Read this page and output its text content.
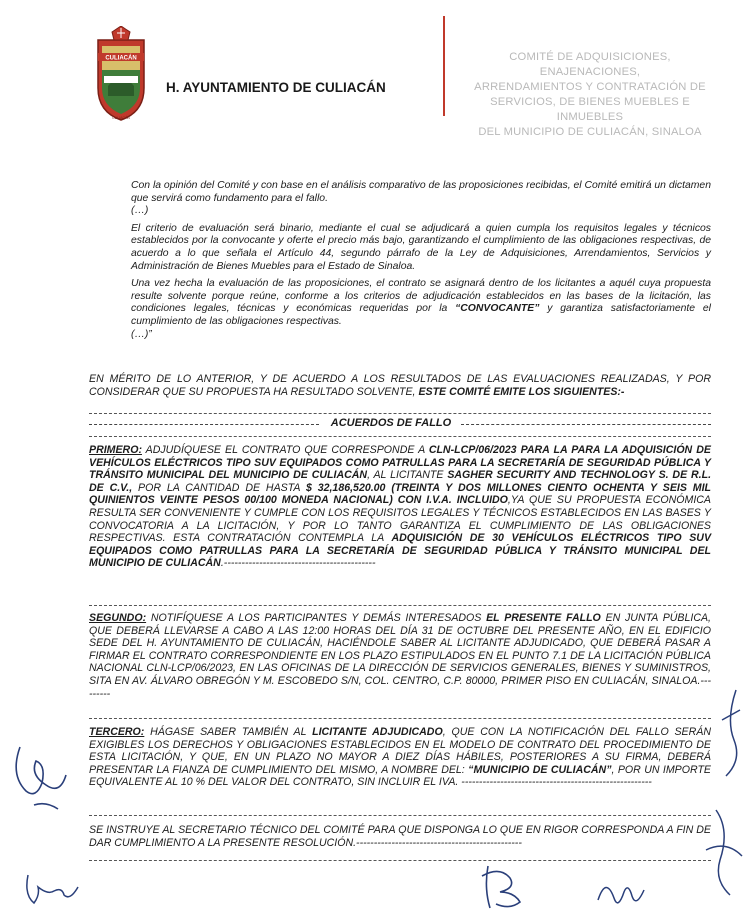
CULIACÁN
CULIACÁN
H. AYUNTAMIENTO DE CULIACÁN
COMITÉ DE ADQUISICIONES, ENAJENACIONES,
ARRENDAMIENTOS Y CONTRATACIÓN DE
SERVICIOS, DE BIENES MUEBLES E INMUEBLES
DEL MUNICIPIO DE CULIACÁN, SINALOA

Con la opinión del Comité y con base en el análisis comparativo de las proposiciones recibidas, el Comité emitirá un dictamen que servirá como fundamento para el fallo.
(…)

El criterio de evaluación será binario, mediante el cual se adjudicará a quien cumpla los requisitos legales y técnicos establecidos por la convocante y oferte el precio más bajo, garantizando el cumplimiento de las obligaciones respectivas, de acuerdo a lo que señala el Artículo 44, segundo párrafo de la Ley de Adquisiciones, Arrendamientos, Servicios y Administración de Bienes Muebles para el Estado de Sinaloa.

Una vez hecha la evaluación de las proposiciones, el contrato se asignará dentro de los licitantes a aquél cuya propuesta resulte solvente porque reúne, conforme a los criterios de adjudicación establecidos en las bases de la licitación, las condiciones legales, técnicas y económicas requeridas por la “CONVOCANTE” y garantiza satisfactoriamente el cumplimiento de las obligaciones respectivas.
(…)”

EN MÉRITO DE LO ANTERIOR, Y DE ACUERDO A LOS RESULTADOS DE LAS EVALUACIONES REALIZADAS, Y POR CONSIDERAR QUE SU PROPUESTA HA RESULTADO SOLVENTE, ESTE COMITÉ EMITE LOS SIGUIENTES:-

ACUERDOS DE FALLO

PRIMERO: ADJUDÍQUESE EL CONTRATO QUE CORRESPONDE A CLN-LCP/06/2023 PARA LA PARA LA ADQUISICIÓN DE VEHÍCULOS ELÉCTRICOS TIPO SUV EQUIPADOS COMO PATRULLAS PARA LA SECRETARÍA DE SEGURIDAD PÚBLICA Y TRÁNSITO MUNICIPAL DEL MUNICIPIO DE CULIACÁN, AL LICITANTE SAGHER SECURITY AND TECHNOLOGY S. DE R.L. DE C.V., POR LA CANTIDAD DE HASTA $ 32,186,520.00 (TREINTA Y DOS MILLONES CIENTO OCHENTA Y SEIS MIL QUINIENTOS VEINTE PESOS 00/100 MONEDA NACIONAL) CON I.V.A. INCLUIDO,YA QUE SU PROPUESTA ECONÓMICA RESULTA SER CONVENIENTE Y CUMPLE CON LOS REQUISITOS LEGALES Y TÉCNICOS ESTABLECIDOS EN LAS BASES Y CONVOCATORIA A LA LICITACIÓN, Y POR LO TANTO GARANTIZA EL CUMPLIMIENTO DE LAS OBLIGACIONES RESPECTIVAS. ESTA CONTRATACIÓN CONTEMPLA LA ADQUISICIÓN DE 30 VEHÍCULOS ELÉCTRICOS TIPO SUV EQUIPADOS COMO PATRULLAS PARA LA SECRETARÍA DE SEGURIDAD PÚBLICA Y TRÁNSITO MUNICIPAL DEL MUNICIPIO DE CULIACÁN.-------------------------------------------

SEGUNDO: NOTIFÍQUESE A LOS PARTICIPANTES Y DEMÁS INTERESADOS EL PRESENTE FALLO EN JUNTA PÚBLICA, QUE DEBERÁ LLEVARSE A CABO A LAS 12:00 HORAS DEL DÍA 31 DE OCTUBRE DEL PRESENTE AÑO, EN EL EDIFICIO SEDE DEL H. AYUNTAMIENTO DE CULIACÁN, HACIÉNDOLE SABER AL LICITANTE ADJUDICADO, QUE DEBERÁ PASAR A FIRMAR EL CONTRATO CORRESPONDIENTE EN LOS PLAZO ESTIPULADOS EN EL PUNTO 7.1 DE LA LICITACIÓN PÚBLICA NACIONAL CLN-LCP/06/2023, EN LAS OFICINAS DE LA DIRECCIÓN DE SERVICIOS GENERALES, BIENES Y SUMINISTROS, SITA EN AV. ÁLVARO OBREGÓN Y M. ESCOBEDO S/N, COL. CENTRO, C.P. 80000, PRIMER PISO EN CULIACÁN, SINALOA.---------

TERCERO: HÁGASE SABER TAMBIÉN AL LICITANTE ADJUDICADO, QUE CON LA NOTIFICACIÓN DEL FALLO SERÁN EXIGIBLES LOS DERECHOS Y OBLIGACIONES ESTABLECIDOS EN EL MODELO DE CONTRATO DEL PROCEDIMIENTO DE ESTA LICITACIÓN, Y QUE, EN UN PLAZO NO MAYOR A DIEZ DÍAS HÁBILES, POSTERIORES A SU FIRMA, DEBERÁ PRESENTAR LA FIANZA DE CUMPLIMIENTO DEL MISMO, A NOMBRE DEL: “MUNICIPIO DE CULIACÁN”, POR UN IMPORTE EQUIVALENTE AL 10 % DEL VALOR DEL CONTRATO, SIN INCLUIR EL IVA. ------------------------------------------------------

SE INSTRUYE AL SECRETARIO TÉCNICO DEL COMITÉ PARA QUE DISPONGA LO QUE EN RIGOR CORRESPONDA A FIN DE DAR CUMPLIMIENTO A LA PRESENTE RESOLUCIÓN.-----------------------------------------------
